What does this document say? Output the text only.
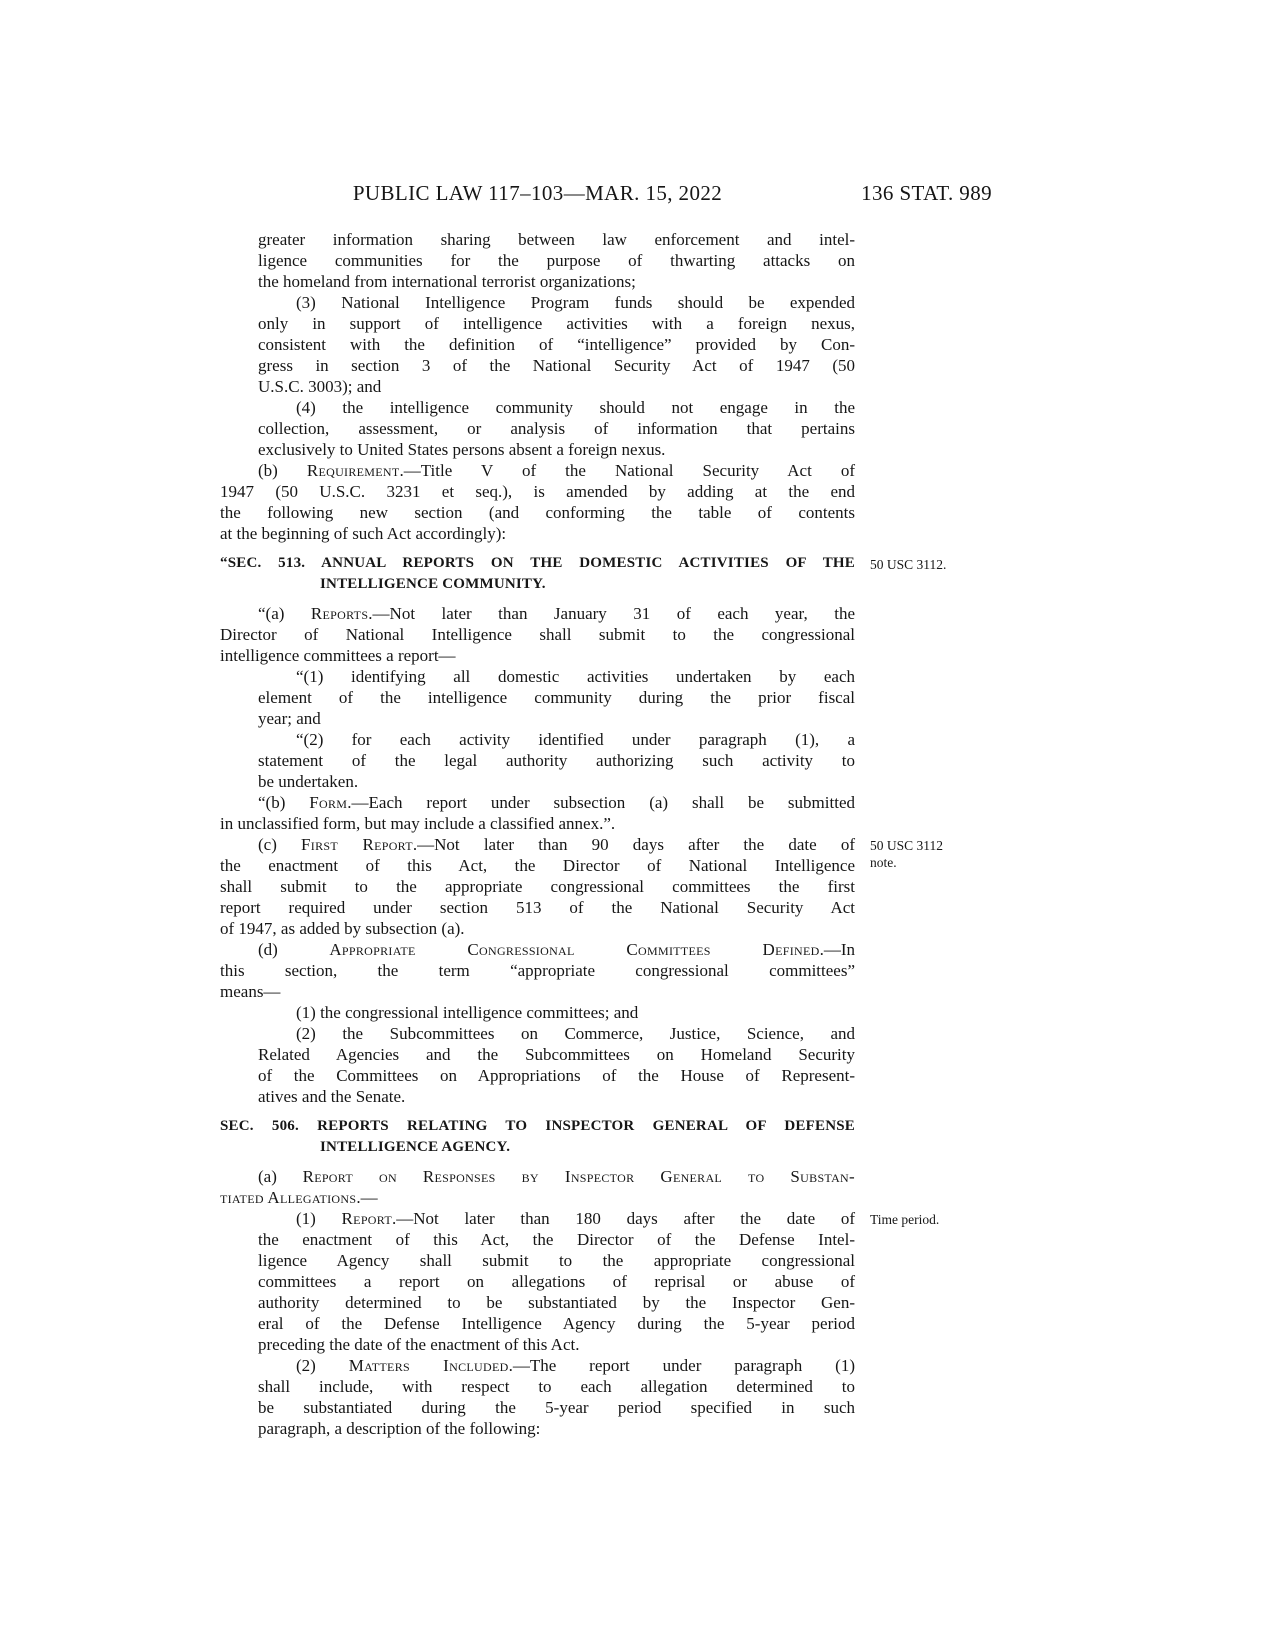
PUBLIC LAW 117–103—MAR. 15, 2022	136 STAT. 989
greater information sharing between law enforcement and intel-
ligence communities for the purpose of thwarting attacks on
the homeland from international terrorist organizations;
(3) National Intelligence Program funds should be expended
only in support of intelligence activities with a foreign nexus,
consistent with the definition of “intelligence” provided by Con-
gress in section 3 of the National Security Act of 1947 (50
U.S.C. 3003); and
(4) the intelligence community should not engage in the
collection, assessment, or analysis of information that pertains
exclusively to United States persons absent a foreign nexus.
(b) Requirement.—Title V of the National Security Act of
1947 (50 U.S.C. 3231 et seq.), is amended by adding at the end
the following new section (and conforming the table of contents
at the beginning of such Act accordingly):
“SEC. 513. ANNUAL REPORTS ON THE DOMESTIC ACTIVITIES OF THE
INTELLIGENCE COMMUNITY.
50 USC 3112.
“(a) Reports.—Not later than January 31 of each year, the
Director of National Intelligence shall submit to the congressional
intelligence committees a report—
“(1) identifying all domestic activities undertaken by each
element of the intelligence community during the prior fiscal
year; and
“(2) for each activity identified under paragraph (1), a
statement of the legal authority authorizing such activity to
be undertaken.
“(b) Form.—Each report under subsection (a) shall be submitted
in unclassified form, but may include a classified annex.”.
(c) First Report.—Not later than 90 days after the date of
the enactment of this Act, the Director of National Intelligence
shall submit to the appropriate congressional committees the first
report required under section 513 of the National Security Act
of 1947, as added by subsection (a).
50 USC 3112 note.
(d) Appropriate Congressional Committees Defined.—In
this section, the term “appropriate congressional committees”
means—
(1) the congressional intelligence committees; and
(2) the Subcommittees on Commerce, Justice, Science, and
Related Agencies and the Subcommittees on Homeland Security
of the Committees on Appropriations of the House of Represent-
atives and the Senate.
SEC. 506. REPORTS RELATING TO INSPECTOR GENERAL OF DEFENSE
INTELLIGENCE AGENCY.
(a) Report on Responses by Inspector General to Substan-
tiated Allegations.—
(1) Report.—Not later than 180 days after the date of
the enactment of this Act, the Director of the Defense Intel-
ligence Agency shall submit to the appropriate congressional
committees a report on allegations of reprisal or abuse of
authority determined to be substantiated by the Inspector Gen-
eral of the Defense Intelligence Agency during the 5-year period
preceding the date of the enactment of this Act.
Time period.
(2) Matters Included.—The report under paragraph (1)
shall include, with respect to each allegation determined to
be substantiated during the 5-year period specified in such
paragraph, a description of the following:
